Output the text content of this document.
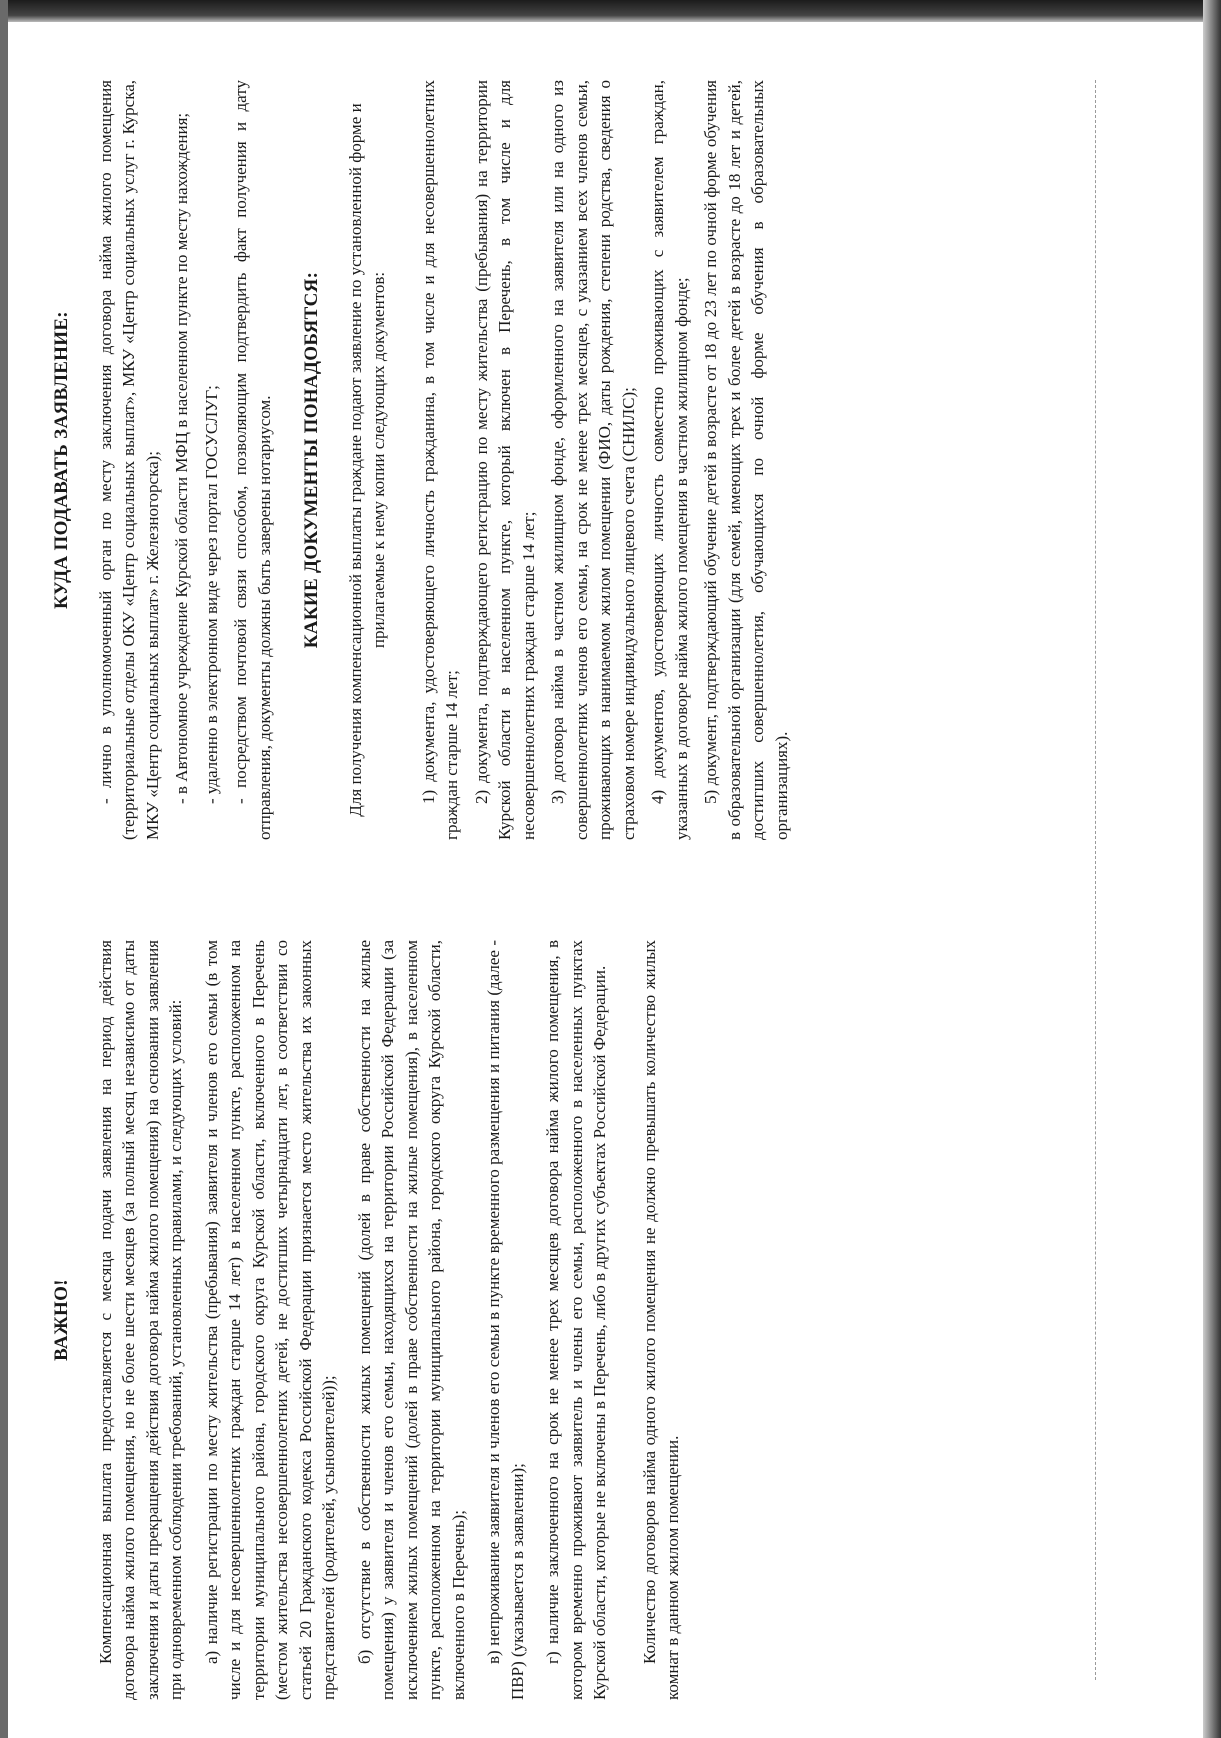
ВАЖНО! Компенсационная выплата предоставляется с месяца подачи заявления на период действия договора найма жилого помещения, но не более шести месяцев (за полный месяц независимо от даты заключения и даты прекращения действия договора найма жилого помещения) на основании заявления при одновременном соблюдении требований, установленных правилами, и следующих условий: а) наличие регистрации по месту жительства (пребывания) заявителя и членов его семьи (в том числе и для несовершеннолетних граждан старше 14 лет) в населенном пункте, расположенном на территории муниципального района, городского округа Курской области, включенного в Перечень (местом жительства несовершеннолетних детей, не достигших четырнадцати лет, в соответствии со статьей 20 Гражданского кодекса Российской Федерации признается место жительства их законных представителей (родителей, усыновителей)); б) отсутствие в собственности жилых помещений (долей в праве собственности на жилые помещения) у заявителя и членов его семьи, находящихся на территории Российской Федерации (за исключением жилых помещений (долей в праве собственности на жилые помещения), в населенном пункте, расположенном на территории муниципального района, городского округа Курской области, включенного в Перечень); в) непроживание заявителя и членов его семьи в пункте временного размещения и питания (далее - ПВР) (указывается в заявлении); г) наличие заключенного на срок не менее трех месяцев договора найма жилого помещения, в котором временно проживают заявитель и члены его семьи, расположенного в населенных пунктах Курской области, которые не включены в Перечень, либо в других субъектах Российской Федерации. Количество договоров найма одного жилого помещения не должно превышать количество жилых комнат в данном жилом помещении.

КУДА ПОДАВАТЬ ЗАЯВЛЕНИЕ: - лично в уполномоченный орган по месту заключения договора найма жилого помещения (территориальные отделы ОКУ «Центр социальных выплат», МКУ «Центр социальных услуг г. Курска, МКУ «Центр социальных выплат» г. Железногорска); - в Автономное учреждение Курской области МФЦ в населенном пункте по месту нахождения; - удаленно в электронном виде через портал ГОСУСЛУГ; - посредством почтовой связи способом, позволяющим подтвердить факт получения и дату отправления, документы должны быть заверены нотариусом. КАКИЕ ДОКУМЕНТЫ ПОНАДОБЯТСЯ: Для получения компенсационной выплаты граждане подают заявление по установленной форме и прилагаемые к нему копии следующих документов: 1) документа, удостоверяющего личность гражданина, в том числе и для несовершеннолетних граждан старше 14 лет; 2) документа, подтверждающего регистрацию по месту жительства (пребывания) на территории Курской области в населенном пункте, который включен в Перечень, в том числе и для несовершеннолетних граждан старше 14 лет; 3) договора найма в частном жилищном фонде, оформленного на заявителя или на одного из совершеннолетних членов его семьи, на срок не менее трех месяцев, с указанием всех членов семьи, проживающих в нанимаемом жилом помещении (ФИО, даты рождения, степени родства, сведения о страховом номере индивидуального лицевого счета (СНИЛС); 4) документов, удостоверяющих личность совместно проживающих с заявителем граждан, указанных в договоре найма жилого помещения в частном жилищном фонде; 5) документ, подтверждающий обучение детей в возрасте от 18 до 23 лет по очной форме обучения в образовательной организации (для семей, имеющих трех и более детей в возрасте до 18 лет и детей, достигших совершеннолетия, обучающихся по очной форме обучения в образовательных организациях).
